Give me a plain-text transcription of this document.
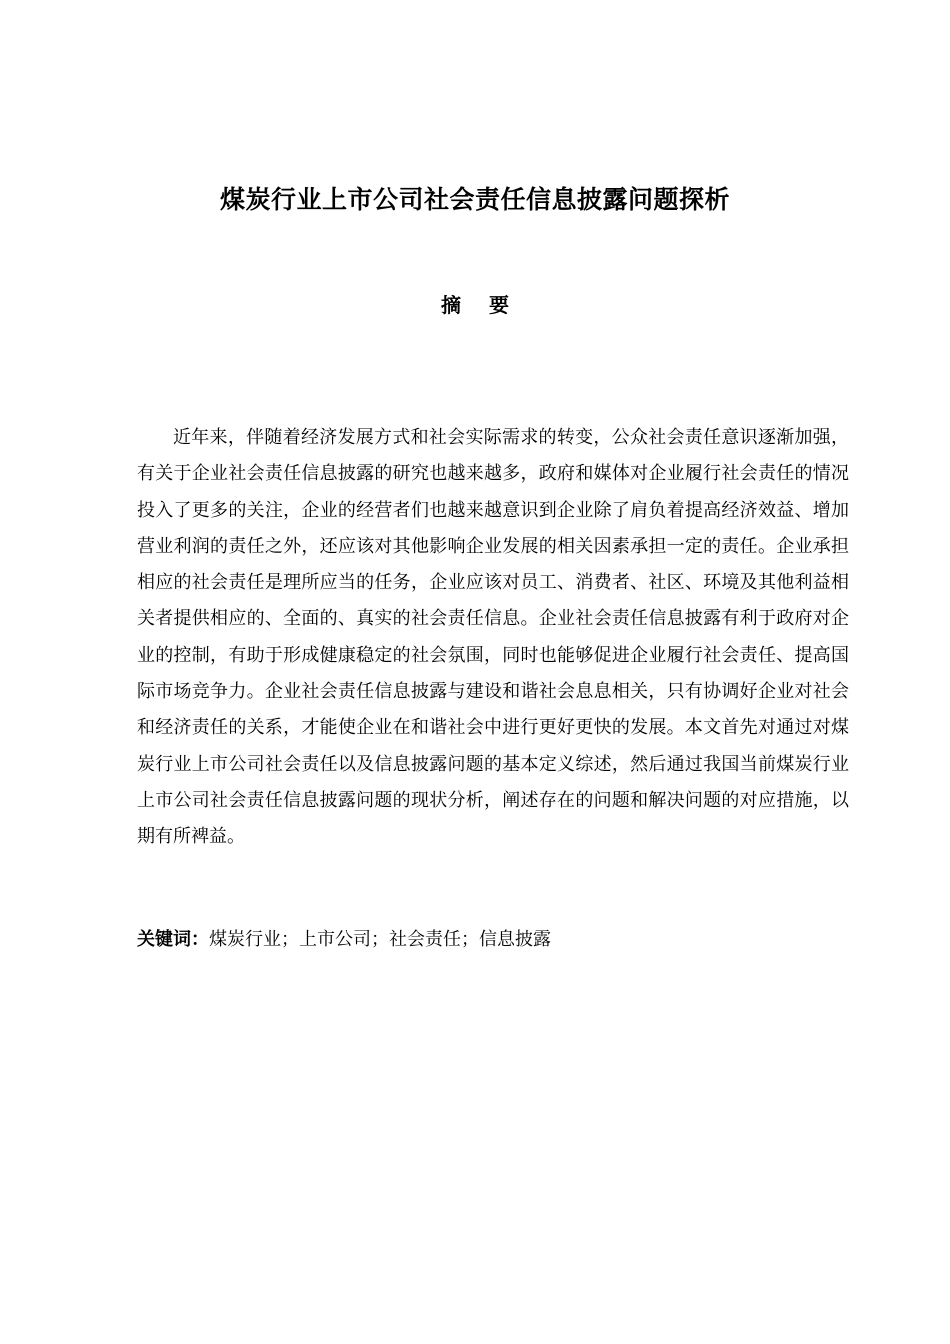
煤炭行业上市公司社会责任信息披露问题探析
摘要

近年来，伴随着经济发展方式和社会实际需求的转变，公众社会责任意识逐渐加强，有关于企业社会责任信息披露的研究也越来越多，政府和媒体对企业履行社会责任的情况投入了更多的关注，企业的经营者们也越来越意识到企业除了肩负着提高经济效益、增加营业利润的责任之外，还应该对其他影响企业发展的相关因素承担一定的责任。企业承担相应的社会责任是理所应当的任务，企业应该对员工、消费者、社区、环境及其他利益相关者提供相应的、全面的、真实的社会责任信息。企业社会责任信息披露有利于政府对企业的控制，有助于形成健康稳定的社会氛围，同时也能够促进企业履行社会责任、提高国际市场竞争力。企业社会责任信息披露与建设和谐社会息息相关，只有协调好企业对社会和经济责任的关系，才能使企业在和谐社会中进行更好更快的发展。本文首先对通过对煤炭行业上市公司社会责任以及信息披露问题的基本定义综述，然后通过我国当前煤炭行业上市公司社会责任信息披露问题的现状分析，阐述存在的问题和解决问题的对应措施，以期有所裨益。

关键词：煤炭行业；上市公司；社会责任；信息披露
